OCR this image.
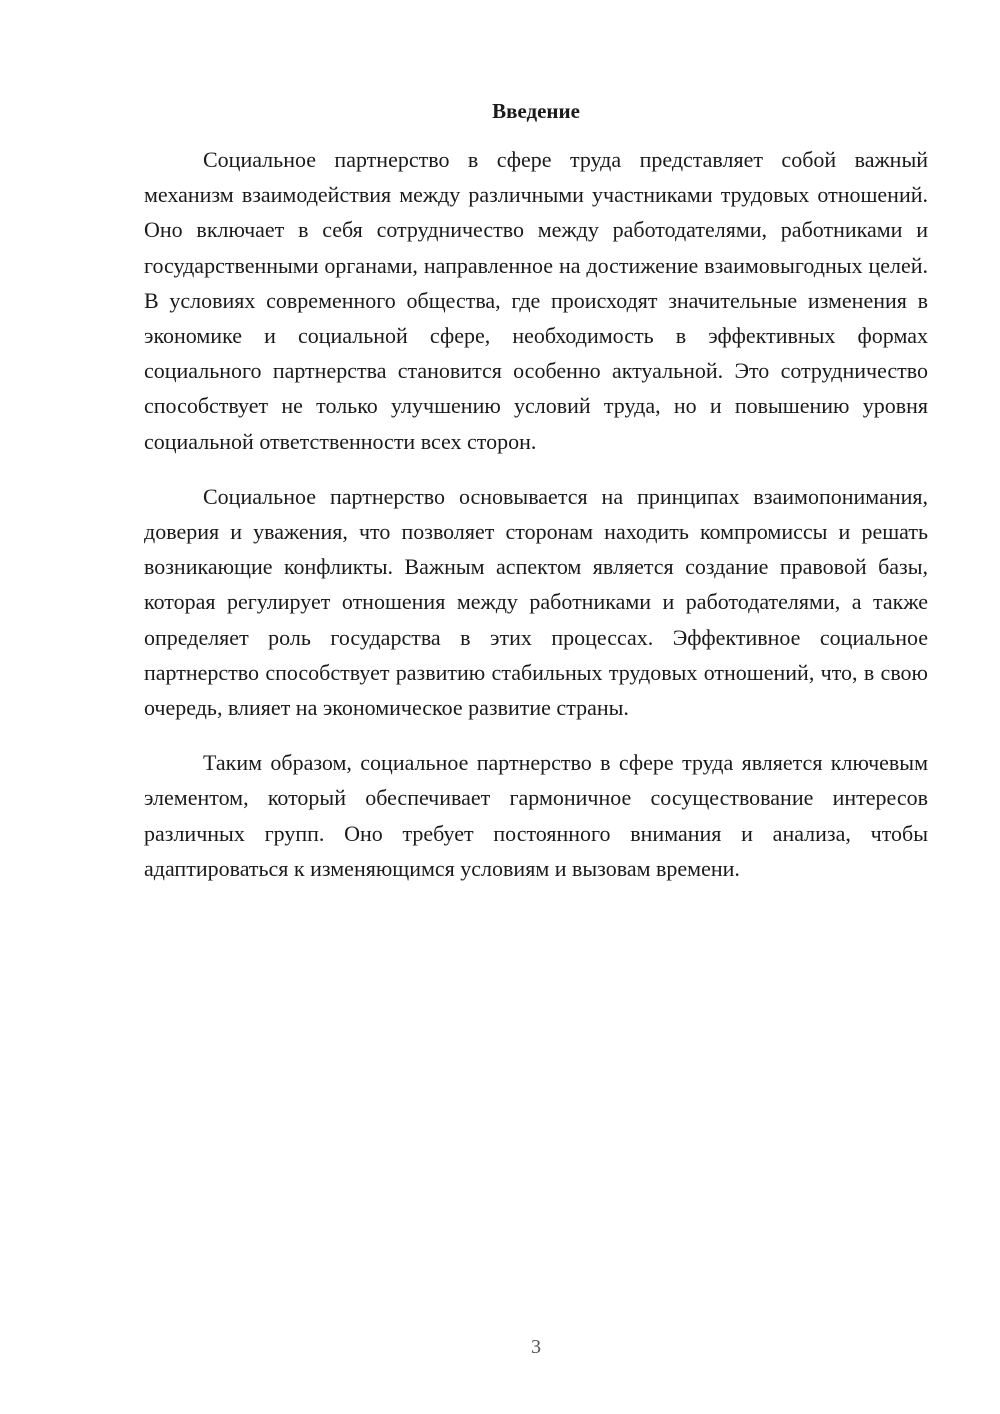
Введение

Социальное партнерство в сфере труда представляет собой важный механизм взаимодействия между различными участниками трудовых отношений. Оно включает в себя сотрудничество между работодателями, работниками и государственными органами, направленное на достижение взаимовыгодных целей. В условиях современного общества, где происходят значительные изменения в экономике и социальной сфере, необходимость в эффективных формах социального партнерства становится особенно актуальной. Это сотрудничество способствует не только улучшению условий труда, но и повышению уровня социальной ответственности всех сторон.

Социальное партнерство основывается на принципах взаимопонимания, доверия и уважения, что позволяет сторонам находить компромиссы и решать возникающие конфликты. Важным аспектом является создание правовой базы, которая регулирует отношения между работниками и работодателями, а также определяет роль государства в этих процессах. Эффективное социальное партнерство способствует развитию стабильных трудовых отношений, что, в свою очередь, влияет на экономическое развитие страны.

Таким образом, социальное партнерство в сфере труда является ключевым элементом, который обеспечивает гармоничное сосуществование интересов различных групп. Оно требует постоянного внимания и анализа, чтобы адаптироваться к изменяющимся условиям и вызовам времени.

3
